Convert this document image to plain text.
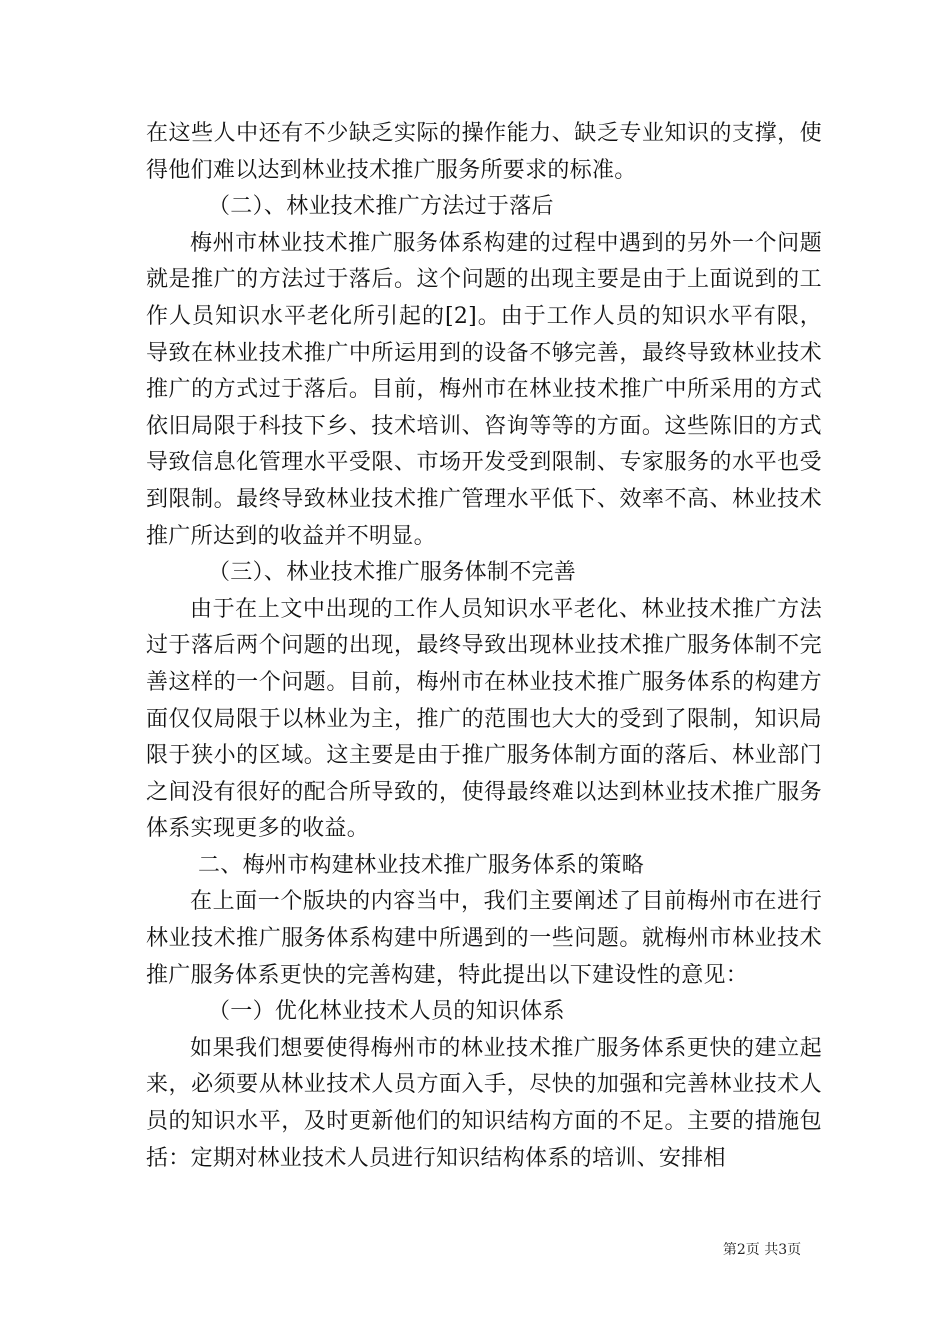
在这些人中还有不少缺乏实际的操作能力、缺乏专业知识的支撑，使得他们难以达到林业技术推广服务所要求的标准。

（二）、林业技术推广方法过于落后

梅州市林业技术推广服务体系构建的过程中遇到的另外一个问题就是推广的方法过于落后。这个问题的出现主要是由于上面说到的工作人员知识水平老化所引起的[2]。由于工作人员的知识水平有限，导致在林业技术推广中所运用到的设备不够完善，最终导致林业技术推广的方式过于落后。目前，梅州市在林业技术推广中所采用的方式依旧局限于科技下乡、技术培训、咨询等等的方面。这些陈旧的方式导致信息化管理水平受限、市场开发受到限制、专家服务的水平也受到限制。最终导致林业技术推广管理水平低下、效率不高、林业技术推广所达到的收益并不明显。

（三）、林业技术推广服务体制不完善

由于在上文中出现的工作人员知识水平老化、林业技术推广方法过于落后两个问题的出现，最终导致出现林业技术推广服务体制不完善这样的一个问题。目前，梅州市在林业技术推广服务体系的构建方面仅仅局限于以林业为主，推广的范围也大大的受到了限制，知识局限于狭小的区域。这主要是由于推广服务体制方面的落后、林业部门之间没有很好的配合所导致的，使得最终难以达到林业技术推广服务体系实现更多的收益。

二、梅州市构建林业技术推广服务体系的策略

在上面一个版块的内容当中，我们主要阐述了目前梅州市在进行林业技术推广服务体系构建中所遇到的一些问题。就梅州市林业技术推广服务体系更快的完善构建，特此提出以下建设性的意见：

（一）优化林业技术人员的知识体系

如果我们想要使得梅州市的林业技术推广服务体系更快的建立起来，必须要从林业技术人员方面入手，尽快的加强和完善林业技术人员的知识水平，及时更新他们的知识结构方面的不足。主要的措施包括：定期对林业技术人员进行知识结构体系的培训、安排相

第2页 共3页
